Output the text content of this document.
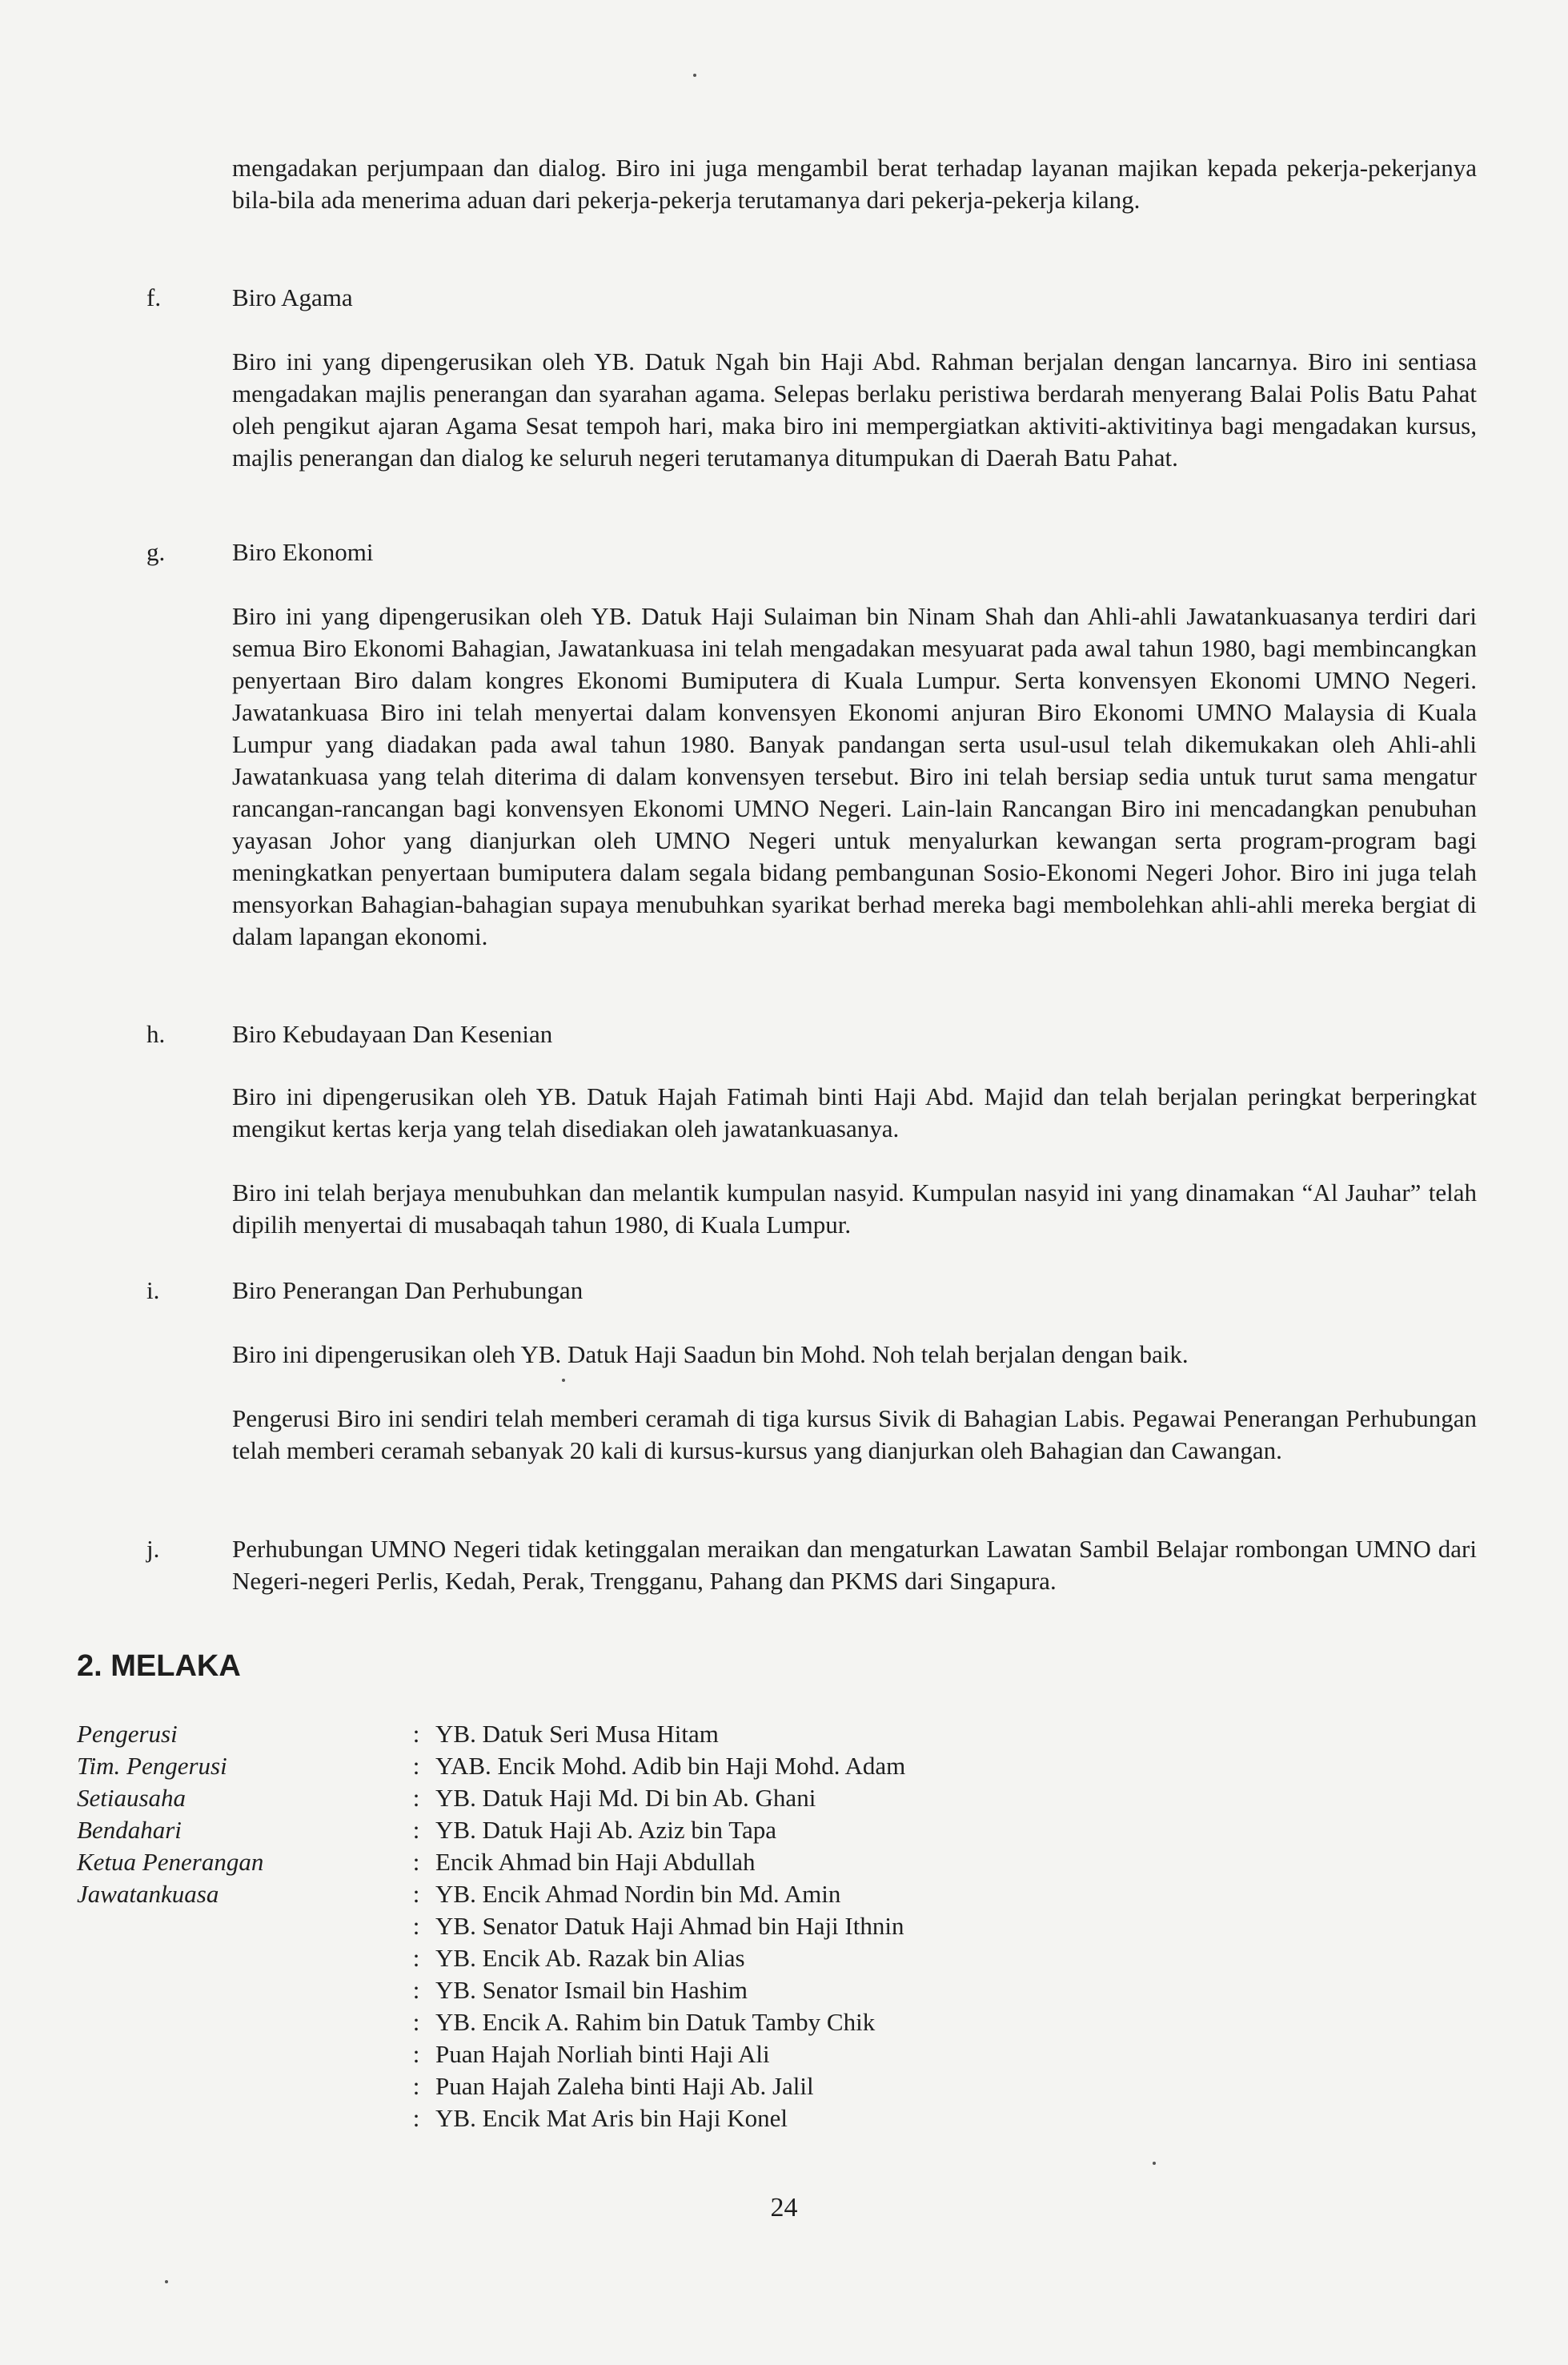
mengadakan perjumpaan dan dialog. Biro ini juga mengambil berat terhadap layanan majikan kepada pekerja-pekerjanya bila-bila ada menerima aduan dari pekerja-pekerja terutamanya dari pekerja-pekerja kilang.

f.	Biro Agama

Biro ini yang dipengerusikan oleh YB. Datuk Ngah bin Haji Abd. Rahman berjalan dengan lancarnya. Biro ini sentiasa mengadakan majlis penerangan dan syarahan agama. Selepas berlaku peristiwa berdarah menyerang Balai Polis Batu Pahat oleh pengikut ajaran Agama Sesat tempoh hari, maka biro ini mempergiatkan aktiviti-aktivitinya bagi mengadakan kursus, majlis penerangan dan dialog ke seluruh negeri terutamanya ditumpukan di Daerah Batu Pahat.

g.	Biro Ekonomi

Biro ini yang dipengerusikan oleh YB. Datuk Haji Sulaiman bin Ninam Shah dan Ahli-ahli Jawatankuasanya terdiri dari semua Biro Ekonomi Bahagian, Jawatankuasa ini telah mengadakan mesyuarat pada awal tahun 1980, bagi membincangkan penyertaan Biro dalam kongres Ekonomi Bumiputera di Kuala Lumpur. Serta konvensyen Ekonomi UMNO Negeri. Jawatankuasa Biro ini telah menyertai dalam konvensyen Ekonomi anjuran Biro Ekonomi UMNO Malaysia di Kuala Lumpur yang diadakan pada awal tahun 1980. Banyak pandangan serta usul-usul telah dikemukakan oleh Ahli-ahli Jawatankuasa yang telah diterima di dalam konvensyen tersebut. Biro ini telah bersiap sedia untuk turut sama mengatur rancangan-rancangan bagi konvensyen Ekonomi UMNO Negeri. Lain-lain Rancangan Biro ini mencadangkan penubuhan yayasan Johor yang dianjurkan oleh UMNO Negeri untuk menyalurkan kewangan serta program-program bagi meningkatkan penyertaan bumiputera dalam segala bidang pembangunan Sosio-Ekonomi Negeri Johor. Biro ini juga telah mensyorkan Bahagian-bahagian supaya menubuhkan syarikat berhad mereka bagi membolehkan ahli-ahli mereka bergiat di dalam lapangan ekonomi.

h.	Biro Kebudayaan Dan Kesenian

Biro ini dipengerusikan oleh YB. Datuk Hajah Fatimah binti Haji Abd. Majid dan telah berjalan peringkat berperingkat mengikut kertas kerja yang telah disediakan oleh jawatankuasanya.

Biro ini telah berjaya menubuhkan dan melantik kumpulan nasyid. Kumpulan nasyid ini yang dinamakan “Al Jauhar” telah dipilih menyertai di musabaqah tahun 1980, di Kuala Lumpur.

i.	Biro Penerangan Dan Perhubungan

Biro ini dipengerusikan oleh YB. Datuk Haji Saadun bin Mohd. Noh telah berjalan dengan baik.

Pengerusi Biro ini sendiri telah memberi ceramah di tiga kursus Sivik di Bahagian Labis. Pegawai Penerangan Perhubungan telah memberi ceramah sebanyak 20 kali di kursus-kursus yang dianjurkan oleh Bahagian dan Cawangan.

j.	Perhubungan UMNO Negeri tidak ketinggalan meraikan dan mengaturkan Lawatan Sambil Belajar rombongan UMNO dari Negeri-negeri Perlis, Kedah, Perak, Trengganu, Pahang dan PKMS dari Singapura.

2. MELAKA

Pengerusi	: YB. Datuk Seri Musa Hitam
Tim. Pengerusi	: YAB. Encik Mohd. Adib bin Haji Mohd. Adam
Setiausaha	: YB. Datuk Haji Md. Di bin Ab. Ghani
Bendahari	: YB. Datuk Haji Ab. Aziz bin Tapa
Ketua Penerangan	: Encik Ahmad bin Haji Abdullah
Jawatankuasa	: YB. Encik Ahmad Nordin bin Md. Amin
: YB. Senator Datuk Haji Ahmad bin Haji Ithnin
: YB. Encik Ab. Razak bin Alias
: YB. Senator Ismail bin Hashim
: YB. Encik A. Rahim bin Datuk Tamby Chik
: Puan Hajah Norliah binti Haji Ali
: Puan Hajah Zaleha binti Haji Ab. Jalil
: YB. Encik Mat Aris bin Haji Konel
24
